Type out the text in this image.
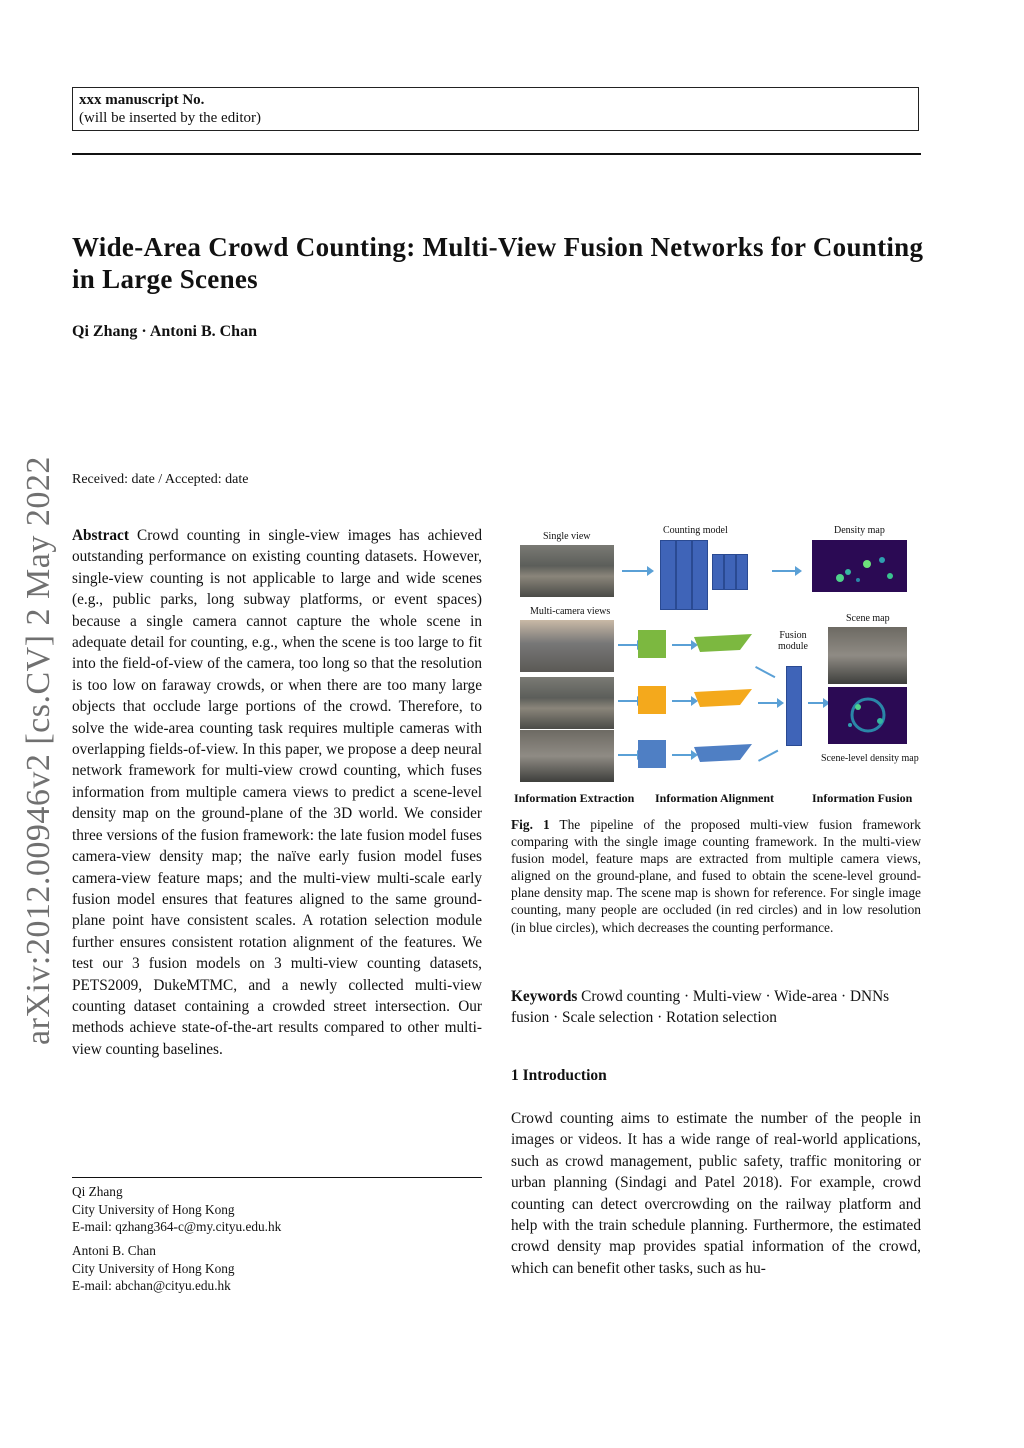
xxx manuscript No.
(will be inserted by the editor)
Wide-Area Crowd Counting: Multi-View Fusion Networks for Counting in Large Scenes
Qi Zhang · Antoni B. Chan
arXiv:2012.00946v2 [cs.CV] 2 May 2022 Received: date / Accepted: date
Abstract Crowd counting in single-view images has achieved outstanding performance on existing counting datasets. However, single-view counting is not applicable to large and wide scenes (e.g., public parks, long subway platforms, or event spaces) because a single camera cannot capture the whole scene in adequate detail for counting, e.g., when the scene is too large to fit into the field-of-view of the camera, too long so that the resolution is too low on faraway crowds, or when there are too many large objects that occlude large portions of the crowd. Therefore, to solve the wide-area counting task requires multiple cameras with overlapping fields-of-view. In this paper, we propose a deep neural network framework for multi-view crowd counting, which fuses information from multiple camera views to predict a scene-level density map on the ground-plane of the 3D world. We consider three versions of the fusion framework: the late fusion model fuses camera-view density map; the naïve early fusion model fuses camera-view feature maps; and the multi-view multi-scale early fusion model ensures that features aligned to the same ground-plane point have consistent scales. A rotation selection module further ensures consistent rotation alignment of the features. We test our 3 fusion models on 3 multi-view counting datasets, PETS2009, DukeMTMC, and a newly collected multi-view counting dataset containing a crowded street intersection. Our methods achieve state-of-the-art results compared to other multi-view counting baselines.
Qi Zhang
City University of Hong Kong
E-mail: qzhang364-c@my.cityu.edu.hk
Antoni B. Chan
City University of Hong Kong
E-mail: abchan@cityu.edu.hk
Single view
Counting model	Density map
Multi-camera views
Fusion
module
Scene map
Scene-level density map
Information Extraction Information Alignment	Information Fusion
Fig. 1 The pipeline of the proposed multi-view fusion framework comparing with the single image counting framework. In the multi-view fusion model, feature maps are extracted from multiple camera views, aligned on the ground-plane, and fused to obtain the scene-level ground-plane density map. The scene map is shown for reference. For single image counting, many people are occluded (in red circles) and in low resolution (in blue circles), which decreases the counting performance.
Keywords Crowd counting · Multi-view · Wide-area · DNNs fusion · Scale selection · Rotation selection
1 Introduction
Crowd counting aims to estimate the number of the people in images or videos. It has a wide range of real-world applications, such as crowd management, public safety, traffic monitoring or urban planning (Sindagi and Patel 2018). For example, crowd counting can detect overcrowding on the railway platform and help with the train schedule planning. Furthermore, the estimated crowd density map provides spatial information of the crowd, which can benefit other tasks, such as hu-
